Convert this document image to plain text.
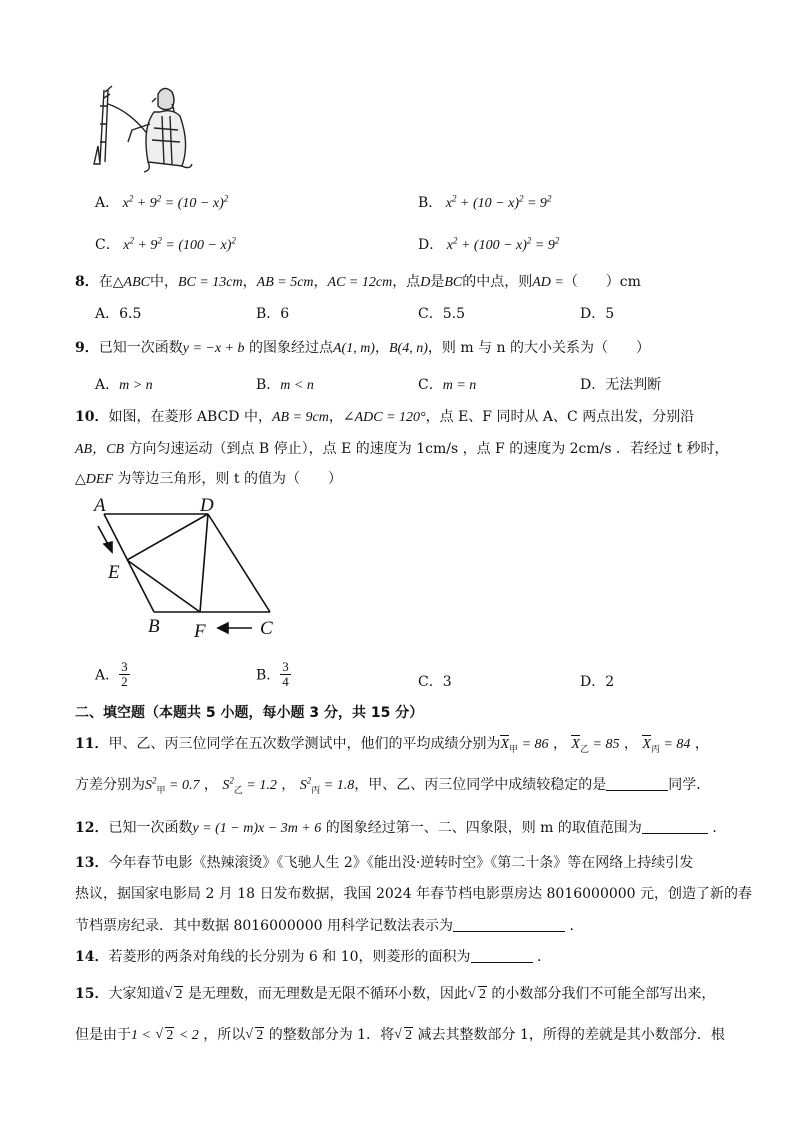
A． $x^2 + 9^2 = (10 - x)^2$	B． $x^2 + (10 - x)^2 = 9^2$
C． $x^2 + 9^2 = (100 - x)^2$	D． $x^2 + (100 - x)^2 = 9^2$
8．在△ABC中，BC = 13cm，AB = 5cm，AC = 12cm，点D是BC的中点，则AD =（　　）cm
A．6.5	B．6	C．5.5	D．5
9．已知一次函数y = −x + b 的图象经过点A(1, m)，B(4, n)，则 m 与 n 的大小关系为（　　）
A．m > n	B．m < n	C．m = n	D．无法判断
10．如图，在菱形 ABCD 中，AB = 9cm，∠ADC = 120°，点 E、F 同时从 A、C 两点出发，分别沿
AB，CB 方向匀速运动（到点 B 停止），点 E 的速度为 1cm/s ，点 F 的速度为 2cm/s ．若经过 t 秒时，
△DEF 为等边三角形，则 t 的值为（　　）
A	D
E
B F	C
A． $\frac{3}{2}$	B． $\frac{3}{4}$	C．3	D．2
二、填空题（本题共 5 小题，每小题 3 分，共 15 分）
11．甲、乙、丙三位同学在五次数学测试中，他们的平均成绩分别为$X_甲 = 86$ ， $X_乙 = 85$ ， $X_丙 = 84$ ，
方差分别为$S^2_甲 = 0.7$ ， $S^2_乙 = 1.2$ ， $S^2_丙 = 1.8$，甲、乙、丙三位同学中成绩较稳定的是	同学．
12．已知一次函数y = (1 − m)x − 3m + 6 的图象经过第一、二、四象限，则 m 的取值范围为	．
13．今年春节电影《热辣滚烫》《飞驰人生 2》《能出没·逆转时空》《第二十条》等在网络上持续引发
热议，据国家电影局 2 月 18 日发布数据，我国 2024 年春节档电影票房达 8016000000 元，创造了新的春
节档票房纪录．其中数据 8016000000 用科学记数法表示为	．
14．若菱形的两条对角线的长分别为 6 和 10，则菱形的面积为	．
15．大家知道 √ 2 是无理数，而无理数是无限不循环小数，因此 √ 2 的小数部分我们不可能全部写出来，
但是由于1 < √ 2 < 2 ，所以 √ 2 的整数部分为 1．将 √ 2 减去其整数部分 1，所得的差就是其小数部分．根
